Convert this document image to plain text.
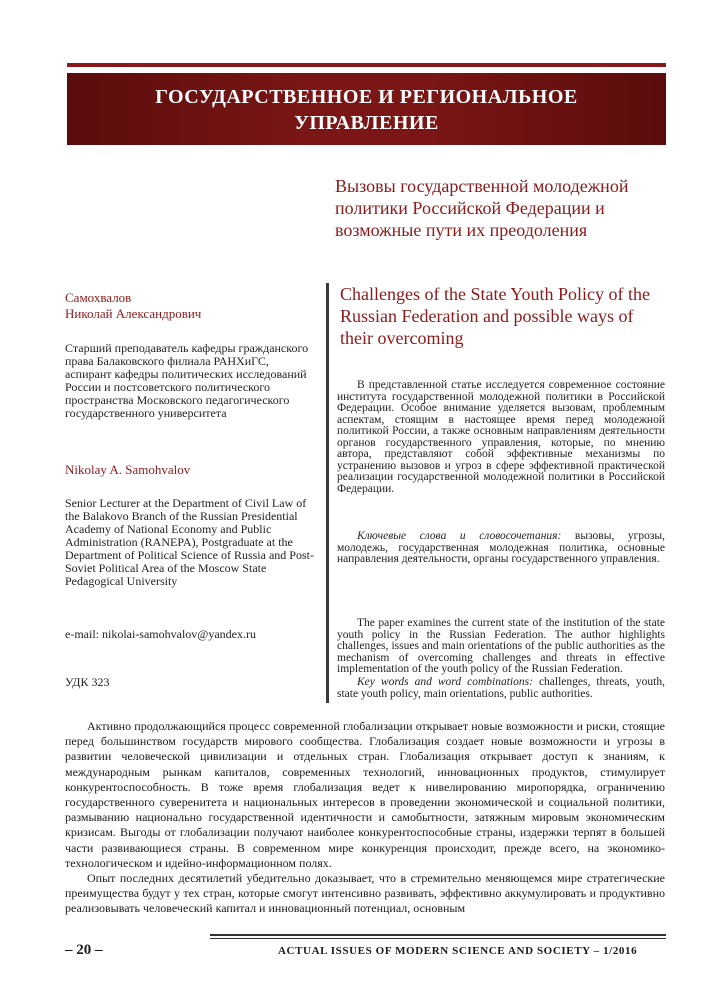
ГОСУДАРСТВЕННОЕ И РЕГИОНАЛЬНОЕ
УПРАВЛЕНИЕ
Вызовы государственной молодежной политики Российской Федерации и возможные пути их преодоления
Challenges of the State Youth Policy of the Russian Federation and possible ways of their overcoming
Самохвалов
Николай Александрович
Старший преподаватель кафедры гражданского права Балаковского филиала РАНХиГС, аспирант кафедры политических исследований России и постсоветского политического пространства Московского педагогического государственного университета
Nikolay A. Samohvalov
Senior Lecturer at the Department of Civil Law of the Balakovo Branch of the Russian Presidential Academy of National Economy and Public Administration (RANEPA), Postgraduate at the Department of Political Science of Russia and Post-Soviet Political Area of the Moscow State Pedagogical University
e-mail: nikolai-samohvalov@yandex.ru
УДК 323
В представленной статье исследуется современное состояние института государственной молодежной политики в Российской Федерации. Особое внимание уделяется вызовам, проблемным аспектам, стоящим в настоящее время перед молодежной политикой России, а также основным направлениям деятельности органов государственного управления, которые, по мнению автора, представляют собой эффективные механизмы по устранению вызовов и угроз в сфере эффективной практической реализации государственной молодежной политики в Российской Федерации.
Ключевые слова и словосочетания: вызовы, угрозы, молодежь, государственная молодежная политика, основные направления деятельности, органы государственного управления.
The paper examines the current state of the institution of the state youth policy in the Russian Federation. The author highlights challenges, issues and main orientations of the public authorities as the mechanism of overcoming challenges and threats in effective implementation of the youth policy of the Russian Federation.
Key words and word combinations: challenges, threats, youth, state youth policy, main orientations, public authorities.

Активно продолжающийся процесс современной глобализации открывает новые возможности и риски, стоящие перед большинством государств мирового сообщества. Глобализация создает новые возможности и угрозы в развитии человеческой цивилизации и отдельных стран. Глобализация открывает доступ к знаниям, к международным рынкам капиталов, современных технологий, инновационных продуктов, стимулирует конкурентоспособность. В тоже время глобализация ведет к нивелированию миропорядка, ограничению государственного суверенитета и национальных интересов в проведении экономической и социальной политики, размыванию национально государственной идентичности и самобытности, затяжным мировым экономическим кризисам. Выгоды от глобализации получают наиболее конкурентоспособные страны, издержки терпят в большей части развивающиеся страны. В современном мире конкуренция происходит, прежде всего, на экономико- технологическом и идейно-информационном полях.

Опыт последних десятилетий убедительно доказывает, что в стремительно меняющемся мире стратегические преимущества будут у тех стран, которые смогут интенсивно развивать, эффективно аккумулировать и продуктивно реализовывать человеческий капитал и инновационный потенциал, основным

– 20 –	ACTUAL ISSUES OF MODERN SCIENCE AND SOCIETY – 1/2016
